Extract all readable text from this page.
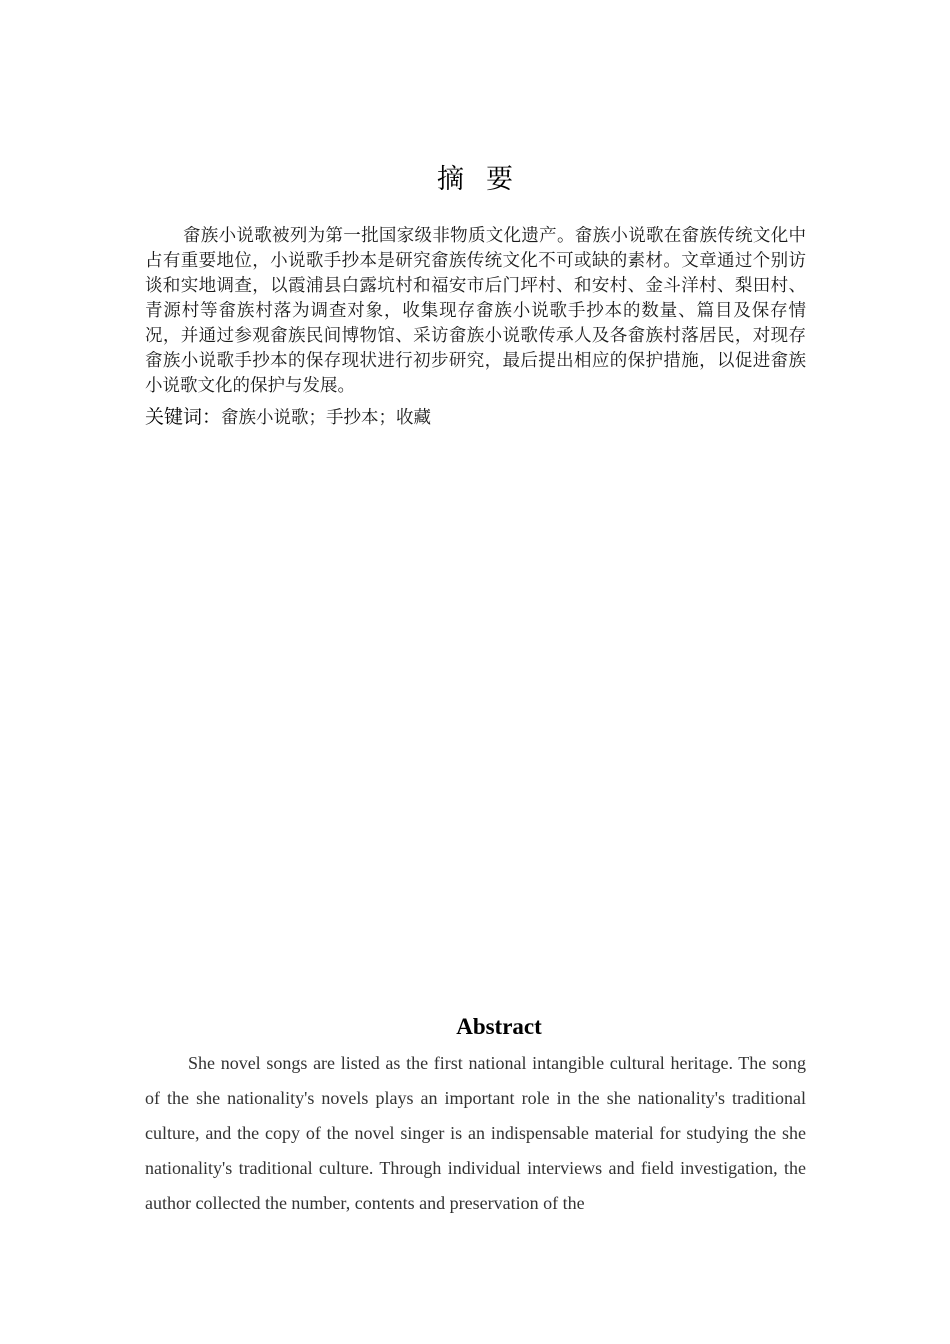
摘要

畲族小说歌被列为第一批国家级非物质文化遗产。畲族小说歌在畲族传统文化中占有重要地位，小说歌手抄本是研究畲族传统文化不可或缺的素材。文章通过个别访谈和实地调查，以霞浦县白露坑村和福安市后门坪村、和安村、金斗洋村、梨田村、青源村等畲族村落为调查对象，收集现存畲族小说歌手抄本的数量、篇目及保存情况，并通过参观畲族民间博物馆、采访畲族小说歌传承人及各畲族村落居民，对现存畲族小说歌手抄本的保存现状进行初步研究，最后提出相应的保护措施，以促进畲族小说歌文化的保护与发展。

关键词：畲族小说歌；手抄本；收藏

Abstract

She novel songs are listed as the first national intangible cultural heritage. The song of the she nationality's novels plays an important role in the she nationality's traditional culture, and the copy of the novel singer is an indispensable material for studying the she nationality's traditional culture. Through individual interviews and field investigation, the author collected the number, contents and preservation of the
